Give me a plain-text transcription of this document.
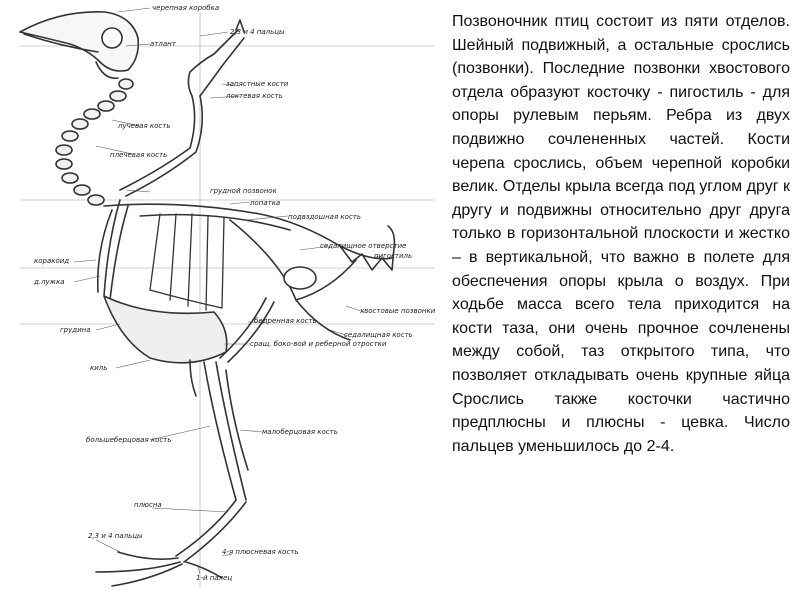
черепная коробка
2,3 и 4 пальцы
атлант
запястные кости
локтевая кость
лучевая кость
плечевая кость
грудной позвонок
лопатка
подвздошная кость
седалищное отверстие
пигостиль
коракоид
д.лужка
хвостовые позвонки
седалищная кость
грудина
бедренная кость
сращ. боко-вой и реберной отростки
киль
большеберцовая кость
малоберцовая кость
плюсна
2,3 и 4 пальцы
4-я плюсневая кость
1-й палец

Позвоночник птиц состоит из пяти отделов. Шейный подвижный, а остальные срослись (позвонки). Последние позвонки хвостового отдела образуют косточку - пигостиль - для опоры рулевым перьям. Ребра из двух подвижно сочлененных частей. Кости черепа срослись, объем черепной коробки велик. Отделы крыла всегда под углом друг к другу и подвижны относительно друг друга только в горизонтальной плоскости и жестко – в вертикальной, что важно в полете для обеспечения опоры крыла о воздух. При ходьбе масса всего тела приходится на кости таза, они очень прочное сочленены между собой, таз открытого типа, что позволяет откладывать очень крупные яйца Срослись также косточки частично предплюсны и плюсны - цевка. Число пальцев уменьшилось до 2-4.
